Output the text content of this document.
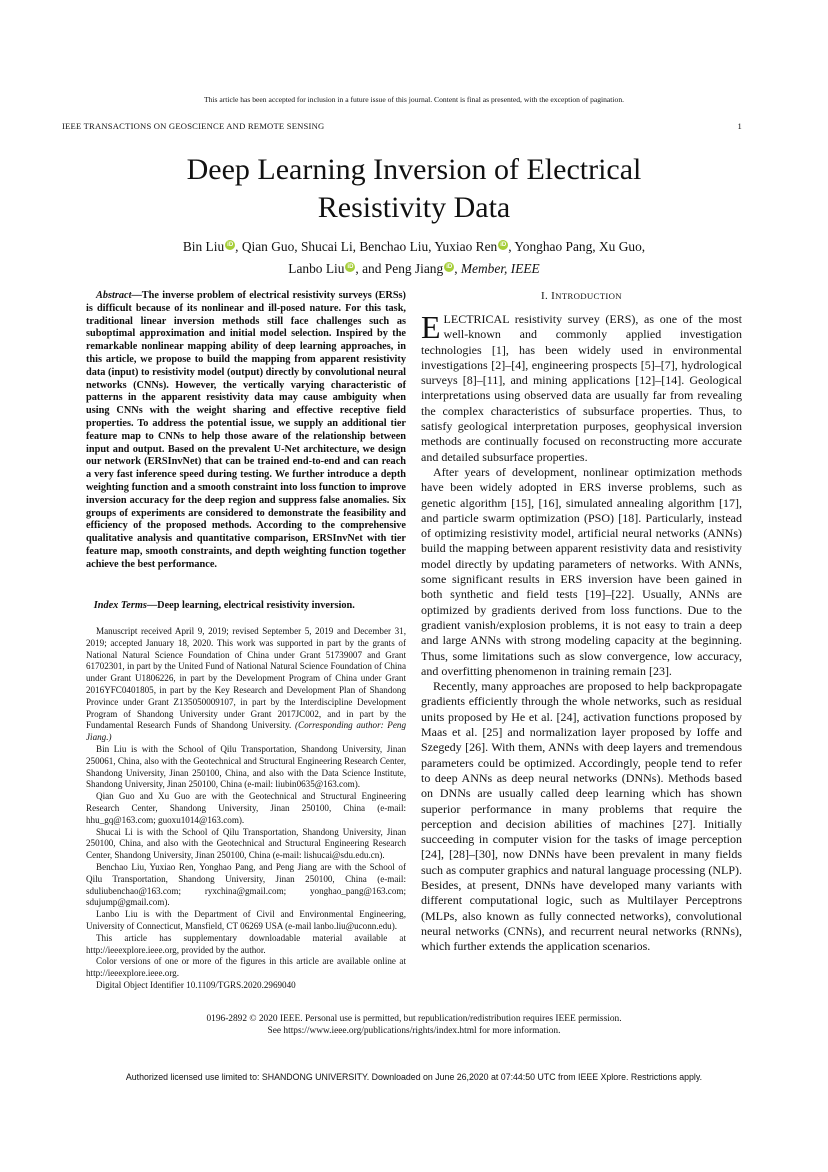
This article has been accepted for inclusion in a future issue of this journal. Content is final as presented, with the exception of pagination.
IEEE TRANSACTIONS ON GEOSCIENCE AND REMOTE SENSING	1
Deep Learning Inversion of Electrical
Resistivity Data
Bin Liu iD , Qian Guo, Shucai Li, Benchao Liu, Yuxiao Ren iD , Yonghao Pang, Xu Guo,
Lanbo Liu iD , and Peng Jiang iD , Member, IEEE
Abstract—The inverse problem of electrical resistivity surveys (ERSs) is difficult because of its nonlinear and ill-posed nature. For this task, traditional linear inversion methods still face challenges such as suboptimal approximation and initial model selection. Inspired by the remarkable nonlinear mapping ability of deep learning approaches, in this article, we propose to build the mapping from apparent resistivity data (input) to resistivity model (output) directly by convolutional neural networks (CNNs). However, the vertically varying characteristic of patterns in the apparent resistivity data may cause ambiguity when using CNNs with the weight sharing and effective receptive field properties. To address the potential issue, we supply an additional tier feature map to CNNs to help those aware of the relationship between input and output. Based on the prevalent U-Net architecture, we design our network (ERSInvNet) that can be trained end-to-end and can reach a very fast inference speed during testing. We further introduce a depth weighting function and a smooth constraint into loss function to improve inversion accuracy for the deep region and suppress false anomalies. Six groups of experiments are considered to demonstrate the feasibility and efficiency of the proposed methods. According to the comprehensive qualitative analysis and quantitative comparison, ERSInvNet with tier feature map, smooth constraints, and depth weighting function together achieve the best performance.
Index Terms—Deep learning, electrical resistivity inversion.

Manuscript received April 9, 2019; revised September 5, 2019 and December 31, 2019; accepted January 18, 2020. This work was supported in part by the grants of National Natural Science Foundation of China under Grant 51739007 and Grant 61702301, in part by the United Fund of National Natural Science Foundation of China under Grant U1806226, in part by the Development Program of China under Grant 2016YFC0401805, in part by the Key Research and Development Plan of Shandong Province under Grant Z135050009107, in part by the Interdiscipline Development Program of Shandong University under Grant 2017JC002, and in part by the Fundamental Research Funds of Shandong University. (Corresponding author: Peng Jiang.)

Bin Liu is with the School of Qilu Transportation, Shandong University, Jinan 250061, China, also with the Geotechnical and Structural Engineering Research Center, Shandong University, Jinan 250100, China, and also with the Data Science Institute, Shandong University, Jinan 250100, China (e-mail: liubin0635@163.com).

Qian Guo and Xu Guo are with the Geotechnical and Structural Engineering Research Center, Shandong University, Jinan 250100, China (e-mail: hhu_gq@163.com; guoxu1014@163.com).

Shucai Li is with the School of Qilu Transportation, Shandong University, Jinan 250100, China, and also with the Geotechnical and Structural Engineering Research Center, Shandong University, Jinan 250100, China (e-mail: lishucai@sdu.edu.cn).

Benchao Liu, Yuxiao Ren, Yonghao Pang, and Peng Jiang are with the School of Qilu Transportation, Shandong University, Jinan 250100, China (e-mail: sduliubenchao@163.com; ryxchina@gmail.com; yonghao_pang@163.com; sdujump@gmail.com).

Lanbo Liu is with the Department of Civil and Environmental Engineering, University of Connecticut, Mansfield, CT 06269 USA (e-mail lanbo.liu@uconn.edu).

This article has supplementary downloadable material available at http://ieeexplore.ieee.org, provided by the author.

Color versions of one or more of the figures in this article are available online at http://ieeexplore.ieee.org.

Digital Object Identifier 10.1109/TGRS.2020.2969040

I. INTRODUCTION

ELECTRICAL resistivity survey (ERS), as one of the most well-known and commonly applied investigation technologies [1], has been widely used in environmental investigations [2]–[4], engineering prospects [5]–[7], hydrological surveys [8]–[11], and mining applications [12]–[14]. Geological interpretations using observed data are usually far from revealing the complex characteristics of subsurface properties. Thus, to satisfy geological interpretation purposes, geophysical inversion methods are continually focused on reconstructing more accurate and detailed subsurface properties.

After years of development, nonlinear optimization methods have been widely adopted in ERS inverse problems, such as genetic algorithm [15], [16], simulated annealing algorithm [17], and particle swarm optimization (PSO) [18]. Particularly, instead of optimizing resistivity model, artificial neural networks (ANNs) build the mapping between apparent resistivity data and resistivity model directly by updating parameters of networks. With ANNs, some significant results in ERS inversion have been gained in both synthetic and field tests [19]–[22]. Usually, ANNs are optimized by gradients derived from loss functions. Due to the gradient vanish/explosion problems, it is not easy to train a deep and large ANNs with strong modeling capacity at the beginning. Thus, some limitations such as slow convergence, low accuracy, and overfitting phenomenon in training remain [23].

Recently, many approaches are proposed to help backpropagate gradients efficiently through the whole networks, such as residual units proposed by He et al. [24], activation functions proposed by Maas et al. [25] and normalization layer proposed by Ioffe and Szegedy [26]. With them, ANNs with deep layers and tremendous parameters could be optimized. Accordingly, people tend to refer to deep ANNs as deep neural networks (DNNs). Methods based on DNNs are usually called deep learning which has shown superior performance in many problems that require the perception and decision abilities of machines [27]. Initially succeeding in computer vision for the tasks of image perception [24], [28]–[30], now DNNs have been prevalent in many fields such as computer graphics and natural language processing (NLP). Besides, at present, DNNs have developed many variants with different computational logic, such as Multilayer Perceptrons (MLPs, also known as fully connected networks), convolutional neural networks (CNNs), and recurrent neural networks (RNNs), which further extends the application scenarios.

0196-2892 © 2020 IEEE. Personal use is permitted, but republication/redistribution requires IEEE permission.
See https://www.ieee.org/publications/rights/index.html for more information.
Authorized licensed use limited to: SHANDONG UNIVERSITY. Downloaded on June 26,2020 at 07:44:50 UTC from IEEE Xplore. Restrictions apply.
